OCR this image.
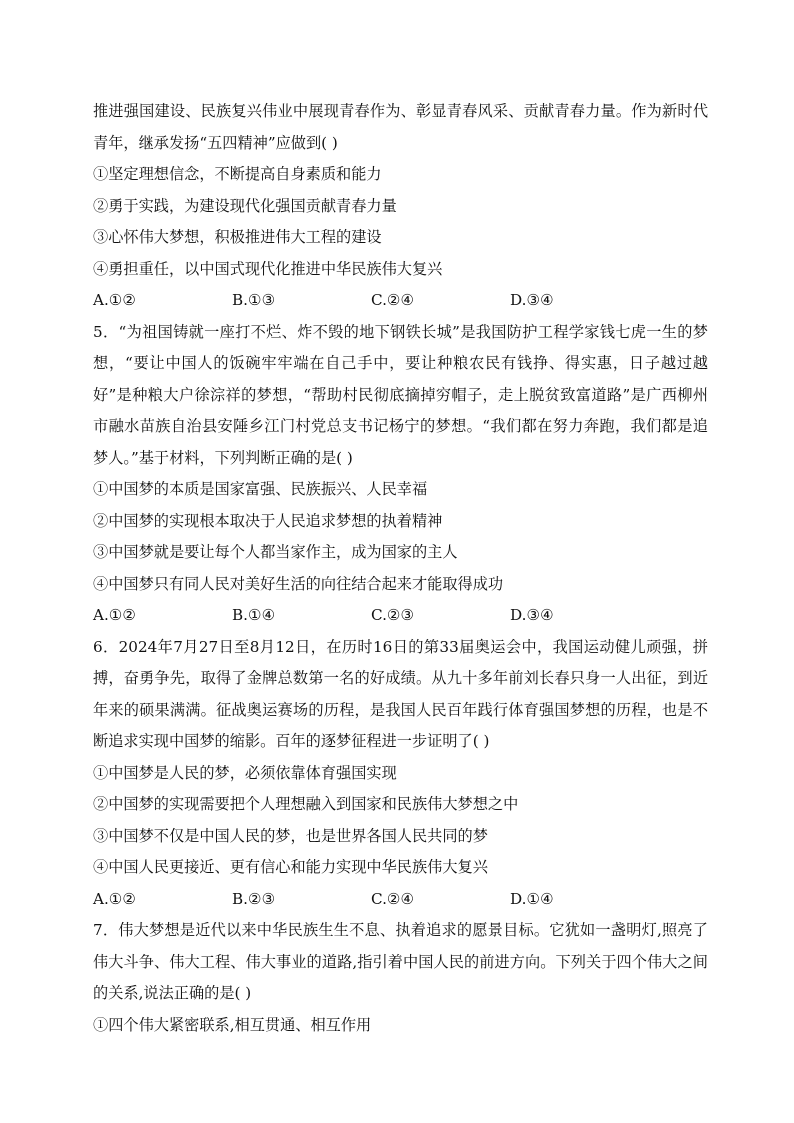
推进强国建设、民族复兴伟业中展现青春作为、彰显青春风采、贡献青春力量。作为新时代青年，继承发扬“五四精神”应做到( )
①坚定理想信念，不断提高自身素质和能力
②勇于实践，为建设现代化强国贡献青春力量
③心怀伟大梦想，积极推进伟大工程的建设
④勇担重任，以中国式现代化推进中华民族伟大复兴
A.①②	B.①③	C.②④	D.③④
5．“为祖国铸就一座打不烂、炸不毁的地下钢铁长城”是我国防护工程学家钱七虎一生的梦想，“要让中国人的饭碗牢牢端在自己手中，要让种粮农民有钱挣、得实惠，日子越过越好”是种粮大户徐淙祥的梦想，“帮助村民彻底摘掉穷帽子，走上脱贫致富道路”是广西柳州市融水苗族自治县安陲乡江门村党总支书记杨宁的梦想。“我们都在努力奔跑，我们都是追梦人。”基于材料，下列判断正确的是( )
①中国梦的本质是国家富强、民族振兴、人民幸福
②中国梦的实现根本取决于人民追求梦想的执着精神
③中国梦就是要让每个人都当家作主，成为国家的主人
④中国梦只有同人民对美好生活的向往结合起来才能取得成功
A.①②	B.①④	C.②③	D.③④
6．2024年7月27日至8月12日，在历时16日的第33届奥运会中，我国运动健儿顽强，拼搏，奋勇争先，取得了金牌总数第一名的好成绩。从九十多年前刘长春只身一人出征，到近年来的硕果满满。征战奥运赛场的历程，是我国人民百年践行体育强国梦想的历程，也是不断追求实现中国梦的缩影。百年的逐梦征程进一步证明了( )
①中国梦是人民的梦，必须依靠体育强国实现
②中国梦的实现需要把个人理想融入到国家和民族伟大梦想之中
③中国梦不仅是中国人民的梦，也是世界各国人民共同的梦
④中国人民更接近、更有信心和能力实现中华民族伟大复兴
A.①②	B.②③	C.②④	D.①④
7．伟大梦想是近代以来中华民族生生不息、执着追求的愿景目标。它犹如一盏明灯,照亮了伟大斗争、伟大工程、伟大事业的道路,指引着中国人民的前进方向。下列关于四个伟大之间的关系,说法正确的是( )
①四个伟大紧密联系,相互贯通、相互作用
